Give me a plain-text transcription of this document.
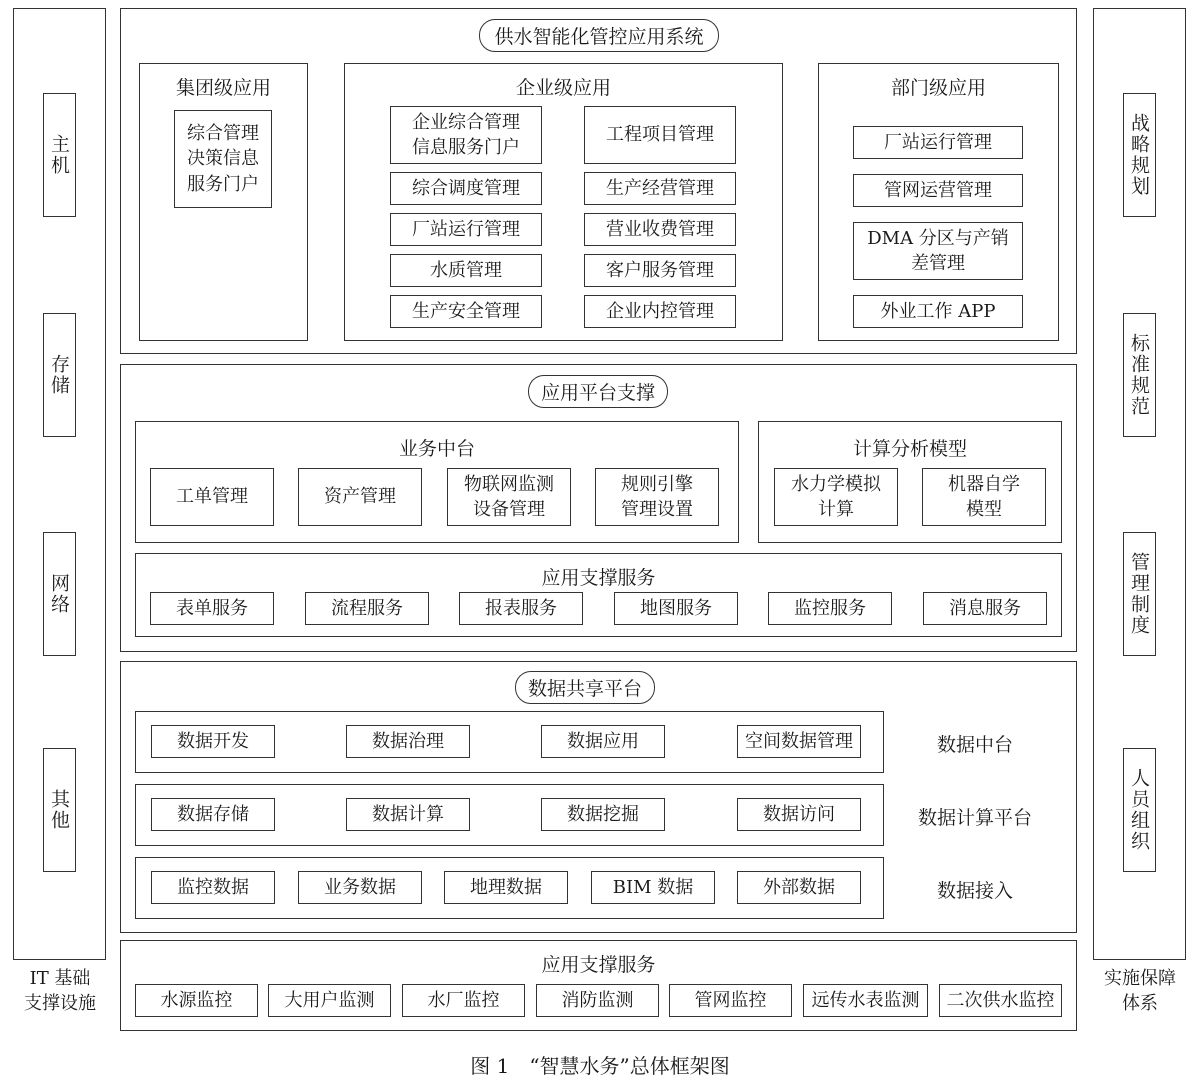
主机
存储
网络
其他
IT 基础
支撑设施
战略规划
标准规范
管理制度
人员组织
实施保障
体系
供水智能化管控应用系统
集团级应用
综合管理
决策信息
服务门户
企业级应用
企业综合管理
信息服务门户
综合调度管理
厂站运行管理
水质管理
生产安全管理
工程项目管理
生产经营管理
营业收费管理
客户服务管理
企业内控管理
部门级应用
厂站运行管理
管网运营管理
DMA 分区与产销
差管理
外业工作 APP
应用平台支撑
业务中台
工单管理	资产管理
物联网监测
设备管理
规则引擎
管理设置
计算分析模型
水力学模拟
计算
机器自学
模型
应用支撑服务
表单服务	流程服务	报表服务	地图服务	监控服务	消息服务
数据共享平台
数据开发	数据治理	数据应用	空间数据管理	数据中台
数据存储	数据计算	数据挖掘	数据访问	数据计算平台
监控数据	业务数据	地理数据	BIM 数据	外部数据	数据接入
应用支撑服务
水源监控	大用户监测	水厂监控	消防监测	管网监控	远传水表监测	二次供水监控
图 1　“智慧水务”总体框架图
